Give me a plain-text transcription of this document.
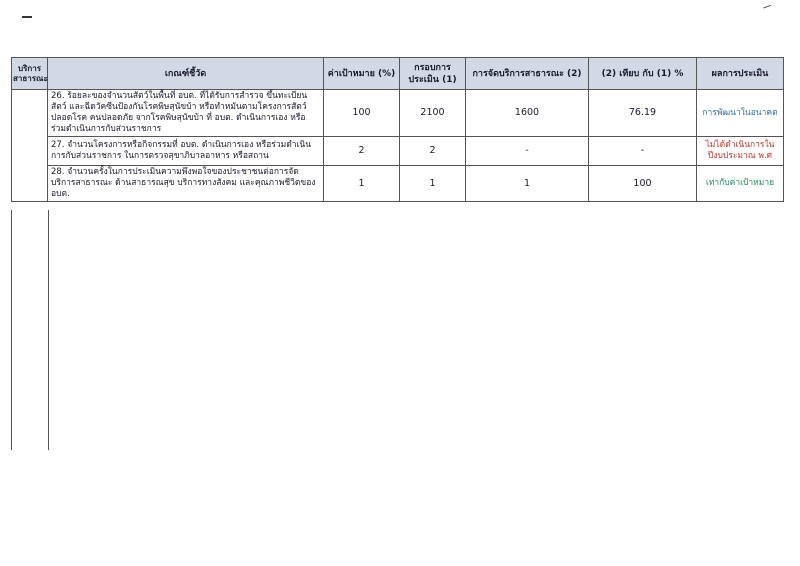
บริการสาธารณะ	เกณฑ์ชี้วัด	ค่าเป้าหมาย (%)	กรอบการประเมิน (1)	การจัดบริการสาธารณะ (2)	(2) เทียบ กับ (1) %	ผลการประเมิน
	26. ร้อยละของจำนวนสัตว์ในพื้นที่ อบต. ที่ได้รับการสำรวจ ขึ้นทะเบียนสัตว์ และฉีดวัคซีนป้องกันโรคพิษสุนัขบ้า หรือทำหมันตามโครงการสัตว์ปลอดโรค คนปลอดภัย จากโรคพิษสุนัขบ้า ที่ อบต. ดำเนินการเอง หรือ ร่วมดำเนินการกับส่วนราชการ	100	2100	1600	76.19	การพัฒนาในอนาคต
	27. จำนวนโครงการหรือกิจกรรมที่ อบต. ดำเนินการเอง หรือร่วมดำเนินการกับส่วนราชการ ในการตรวจสุขาภิบาลอาหาร หรือสถาน	2	2	-	-	ไม่ได้ดำเนินการในปีงบประมาณ พ.ศ
	28. จำนวนครั้งในการประเมินความพึงพอใจของประชาชนต่อการจัดบริการสาธารณะ ด้านสาธารณสุข บริการทางสังคม และคุณภาพชีวิตของ อบต.	1	1	1	100	เท่ากับค่าเป้าหมาย
